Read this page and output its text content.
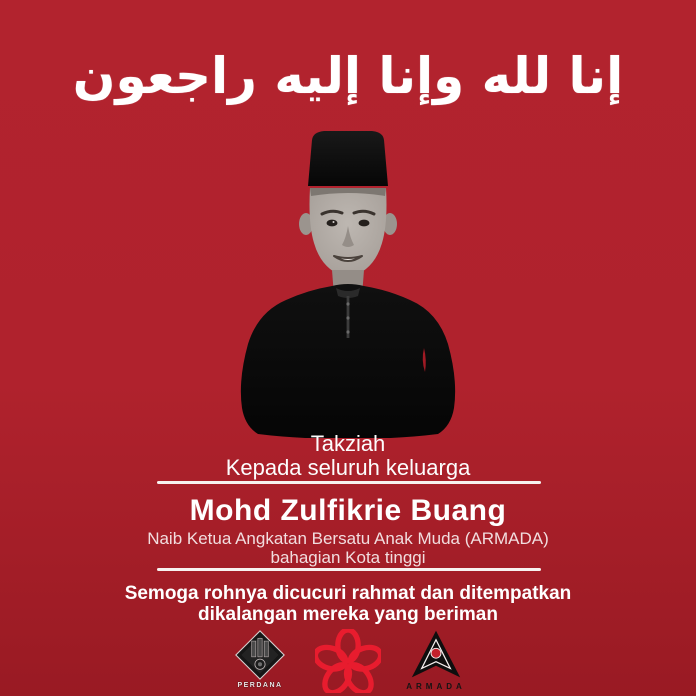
إنا لله وإنا إليه راجعون
Takziah
Kepada seluruh keluarga
Mohd Zulfikrie Buang
Naib Ketua Angkatan Bersatu Anak Muda (ARMADA)
bahagian Kota tinggi
Semoga rohnya dicucuri rahmat dan ditempatkan
dikalangan mereka yang beriman
PERDANA	ARMADA
